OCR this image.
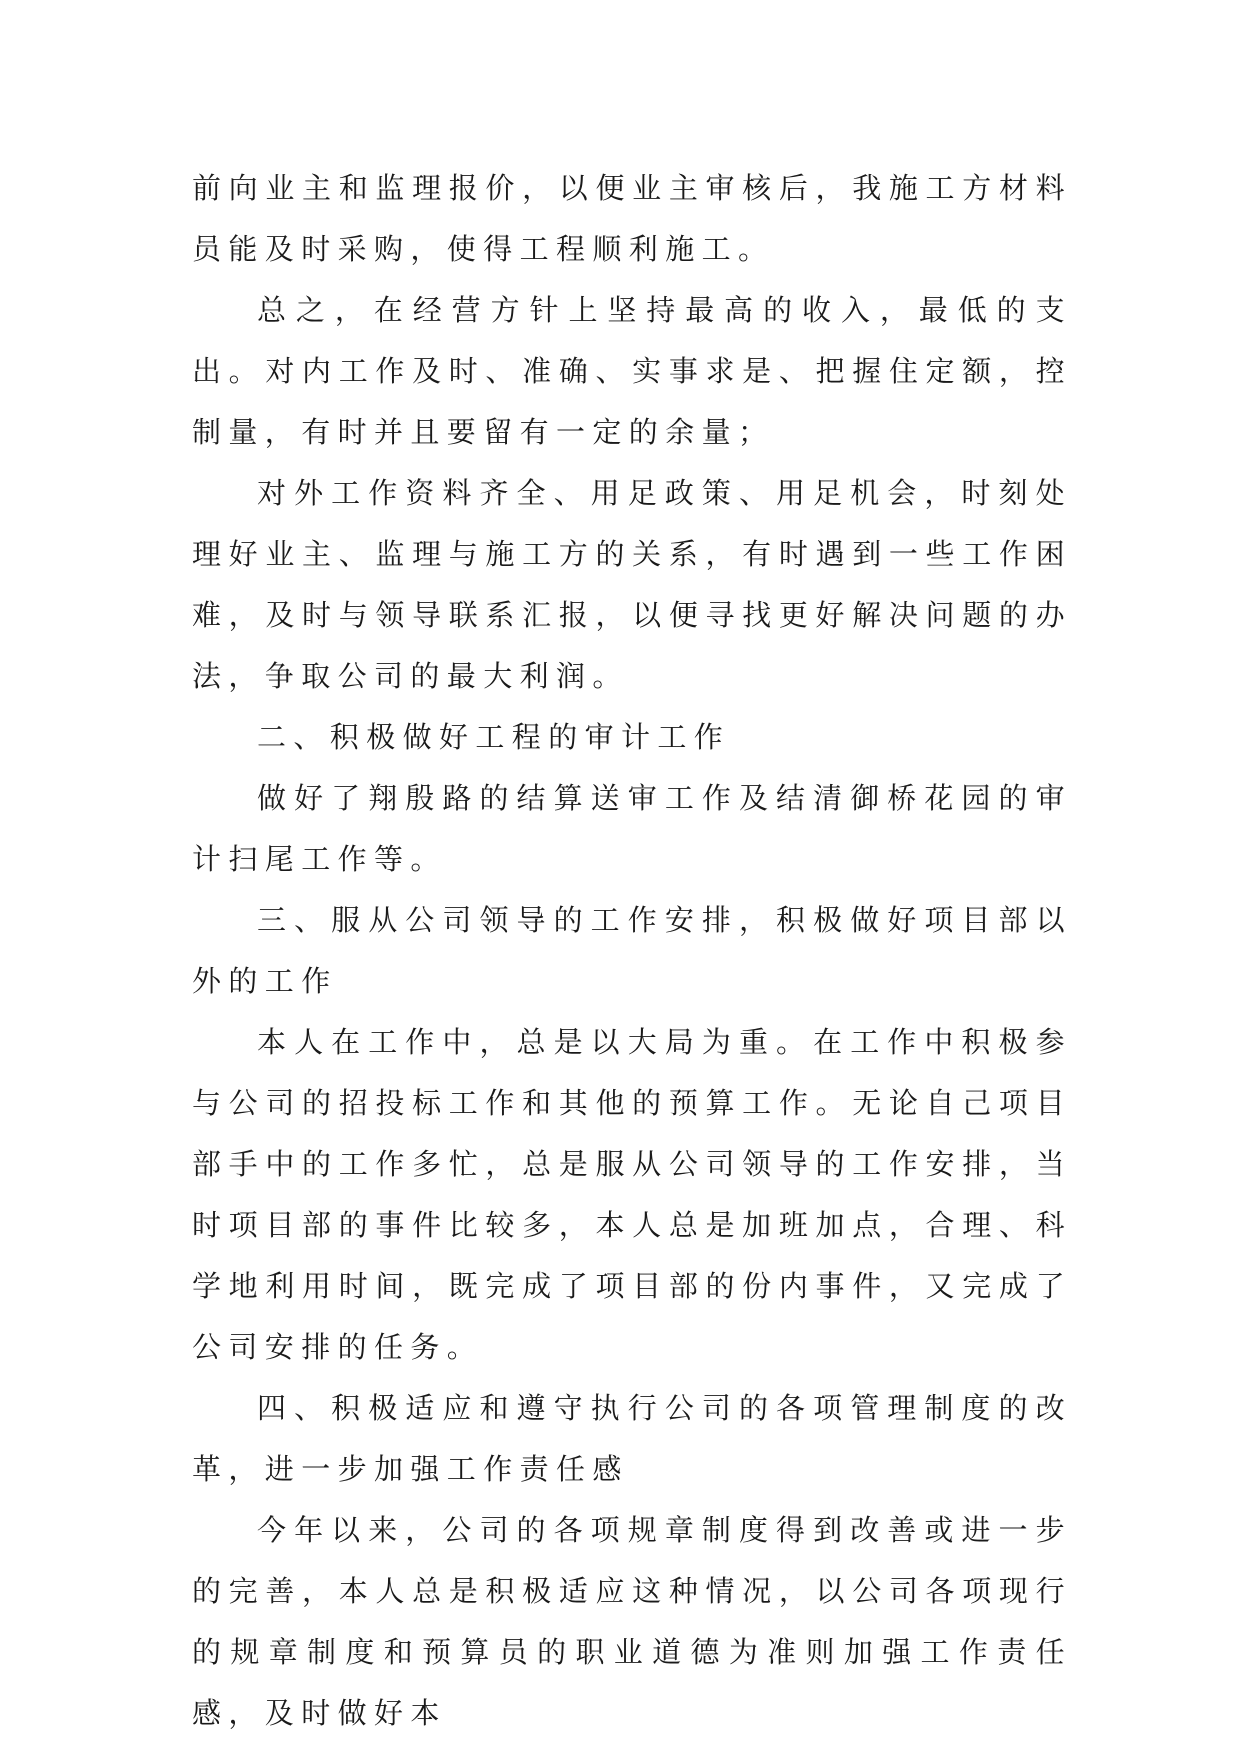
前向业主和监理报价，以便业主审核后，我施工方材料员能及时采购，使得工程顺利施工。

总之，在经营方针上坚持最高的收入，最低的支出。对内工作及时、准确、实事求是、把握住定额，控制量，有时并且要留有一定的余量；

对外工作资料齐全、用足政策、用足机会，时刻处理好业主、监理与施工方的关系，有时遇到一些工作困难，及时与领导联系汇报，以便寻找更好解决问题的办法，争取公司的最大利润。

二、积极做好工程的审计工作

做好了翔殷路的结算送审工作及结清御桥花园的审计扫尾工作等。

三、服从公司领导的工作安排，积极做好项目部以外的工作

本人在工作中，总是以大局为重。在工作中积极参与公司的招投标工作和其他的预算工作。无论自己项目部手中的工作多忙，总是服从公司领导的工作安排，当时项目部的事件比较多，本人总是加班加点，合理、科学地利用时间，既完成了项目部的份内事件，又完成了公司安排的任务。

四、积极适应和遵守执行公司的各项管理制度的改革，进一步加强工作责任感

今年以来，公司的各项规章制度得到改善或进一步的完善，本人总是积极适应这种情况，以公司各项现行的规章制度和预算员的职业道德为准则加强工作责任感，及时做好本
